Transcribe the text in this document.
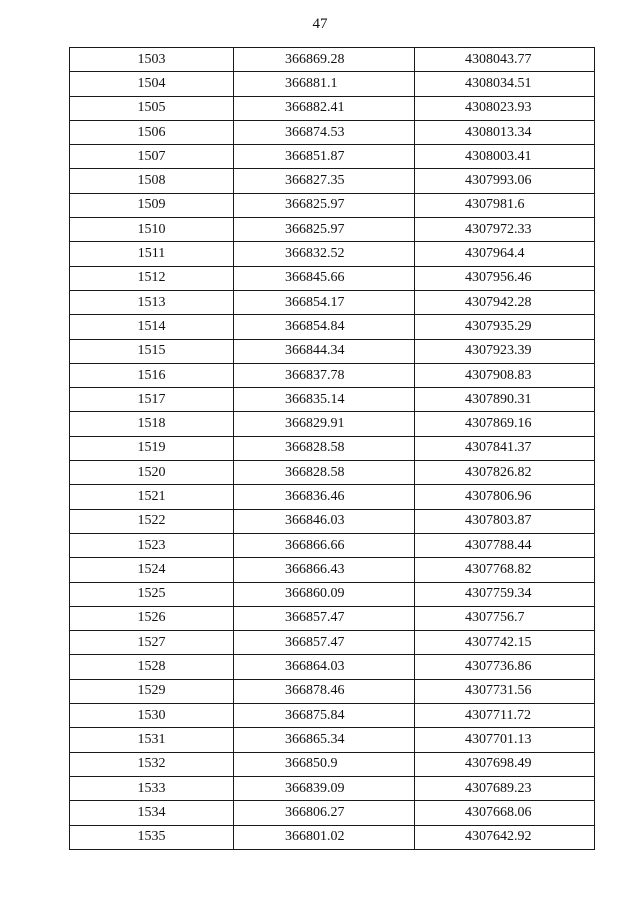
47
1503	366869.28	4308043.77
1504	366881.1	4308034.51
1505	366882.41	4308023.93
1506	366874.53	4308013.34
1507	366851.87	4308003.41
1508	366827.35	4307993.06
1509	366825.97	4307981.6
1510	366825.97	4307972.33
1511	366832.52	4307964.4
1512	366845.66	4307956.46
1513	366854.17	4307942.28
1514	366854.84	4307935.29
1515	366844.34	4307923.39
1516	366837.78	4307908.83
1517	366835.14	4307890.31
1518	366829.91	4307869.16
1519	366828.58	4307841.37
1520	366828.58	4307826.82
1521	366836.46	4307806.96
1522	366846.03	4307803.87
1523	366866.66	4307788.44
1524	366866.43	4307768.82
1525	366860.09	4307759.34
1526	366857.47	4307756.7
1527	366857.47	4307742.15
1528	366864.03	4307736.86
1529	366878.46	4307731.56
1530	366875.84	4307711.72
1531	366865.34	4307701.13
1532	366850.9	4307698.49
1533	366839.09	4307689.23
1534	366806.27	4307668.06
1535	366801.02	4307642.92
